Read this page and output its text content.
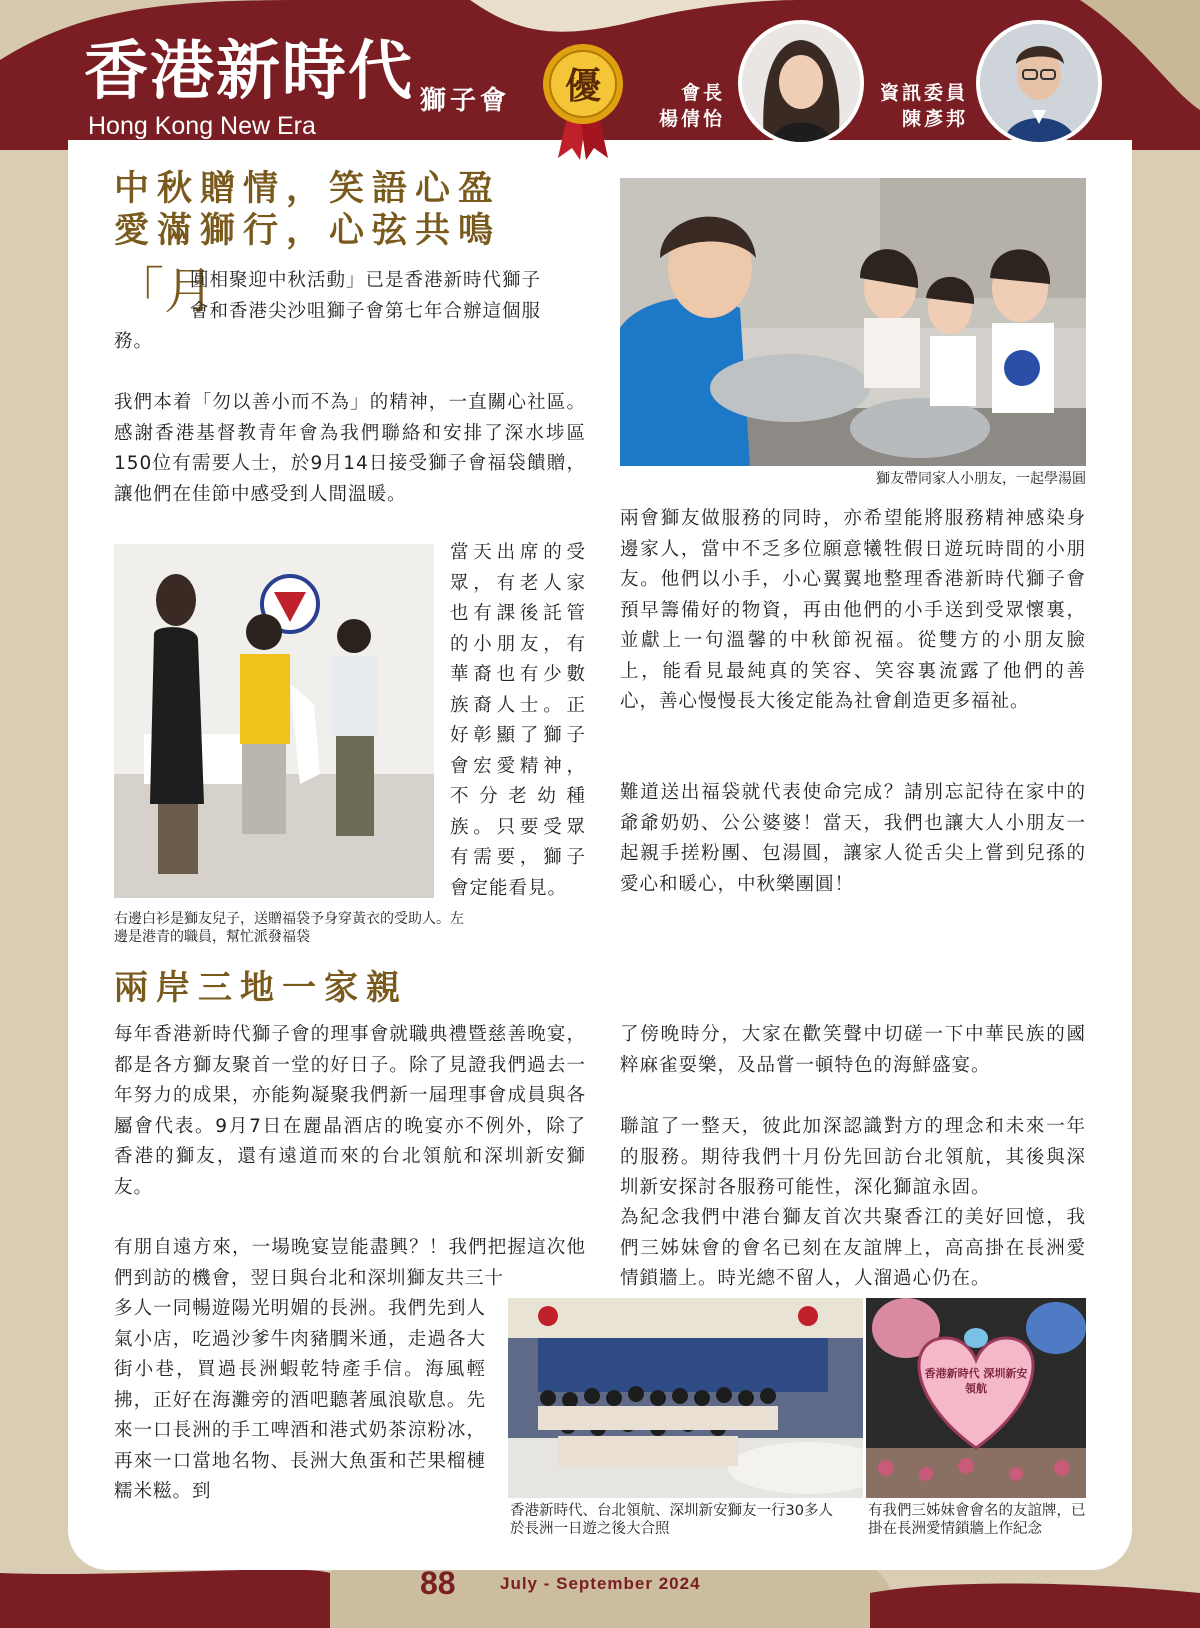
香港新時代 獅子會
Hong Kong New Era
優	會長
楊倩怡
資訊委員
陳彥邦
中秋贈情，笑語心盈
愛滿獅行，心弦共鳴
「月
圓相聚迎中秋活動」已是香港新時代獅子
會和香港尖沙咀獅子會第七年合辦這個服
務。

我們本着「勿以善小而不為」的精神，一直關心社區。感謝香港基督教青年會為我們聯絡和安排了深水埗區150位有需要人士，於9月14日接受獅子會福袋饋贈，讓他們在佳節中感受到人間溫暖。

當天出席的受眾，有老人家也有課後託管的小朋友，有華裔也有少數族裔人士。正好彰顯了獅子會宏愛精神，不分老幼種族。只要受眾有需要，獅子會定能看見。

右邊白衫是獅友兒子，送贈福袋予身穿黃衣的受助人。左邊是港青的職員，幫忙派發福袋
獅友帶同家人小朋友，一起學湯圓

兩會獅友做服務的同時，亦希望能將服務精神感染身邊家人，當中不乏多位願意犧牲假日遊玩時間的小朋友。他們以小手，小心翼翼地整理香港新時代獅子會預早籌備好的物資，再由他們的小手送到受眾懷裏，並獻上一句溫馨的中秋節祝福。從雙方的小朋友臉上，能看見最純真的笑容、笑容裏流露了他們的善心，善心慢慢長大後定能為社會創造更多福祉。

難道送出福袋就代表使命完成？請別忘記待在家中的爺爺奶奶、公公婆婆！當天，我們也讓大人小朋友一起親手搓粉團、包湯圓，讓家人從舌尖上嘗到兒孫的愛心和暖心，中秋樂團圓！

兩岸三地一家親

每年香港新時代獅子會的理事會就職典禮暨慈善晚宴，都是各方獅友聚首一堂的好日子。除了見證我們過去一年努力的成果，亦能夠凝聚我們新一屆理事會成員與各屬會代表。9月7日在麗晶酒店的晚宴亦不例外，除了香港的獅友，還有遠道而來的台北領航和深圳新安獅友。

有朋自遠方來，一場晚宴豈能盡興？！我們把握這次他們到訪的機會，翌日與台北和深圳獅友共三十

多人一同暢遊陽光明媚的長洲。我們先到人氣小店，吃過沙爹牛肉豬膶米通，走過各大街小巷，買過長洲蝦乾特產手信。海風輕拂，正好在海灘旁的酒吧聽著風浪歇息。先來一口長洲的手工啤酒和港式奶茶涼粉冰，再來一口當地名物、長洲大魚蛋和芒果榴槤糯米糍。到

了傍晚時分，大家在歡笑聲中切磋一下中華民族的國粹麻雀耍樂，及品嘗一頓特色的海鮮盛宴。

聯誼了一整天，彼此加深認識對方的理念和未來一年的服務。期待我們十月份先回訪台北領航，其後與深圳新安探討各服務可能性，深化獅誼永固。

為紀念我們中港台獅友首次共聚香江的美好回憶，我們三姊妹會的會名已刻在友誼牌上，高高掛在長洲愛情鎖牆上。時光總不留人，人溜過心仍在。

香港新時代 深圳新安 領航
香港新時代、台北領航、深圳新安獅友一行30多人於長洲一日遊之後大合照
有我們三姊妹會會名的友誼牌，已掛在長洲愛情鎖牆上作紀念
88	July - September 2024
